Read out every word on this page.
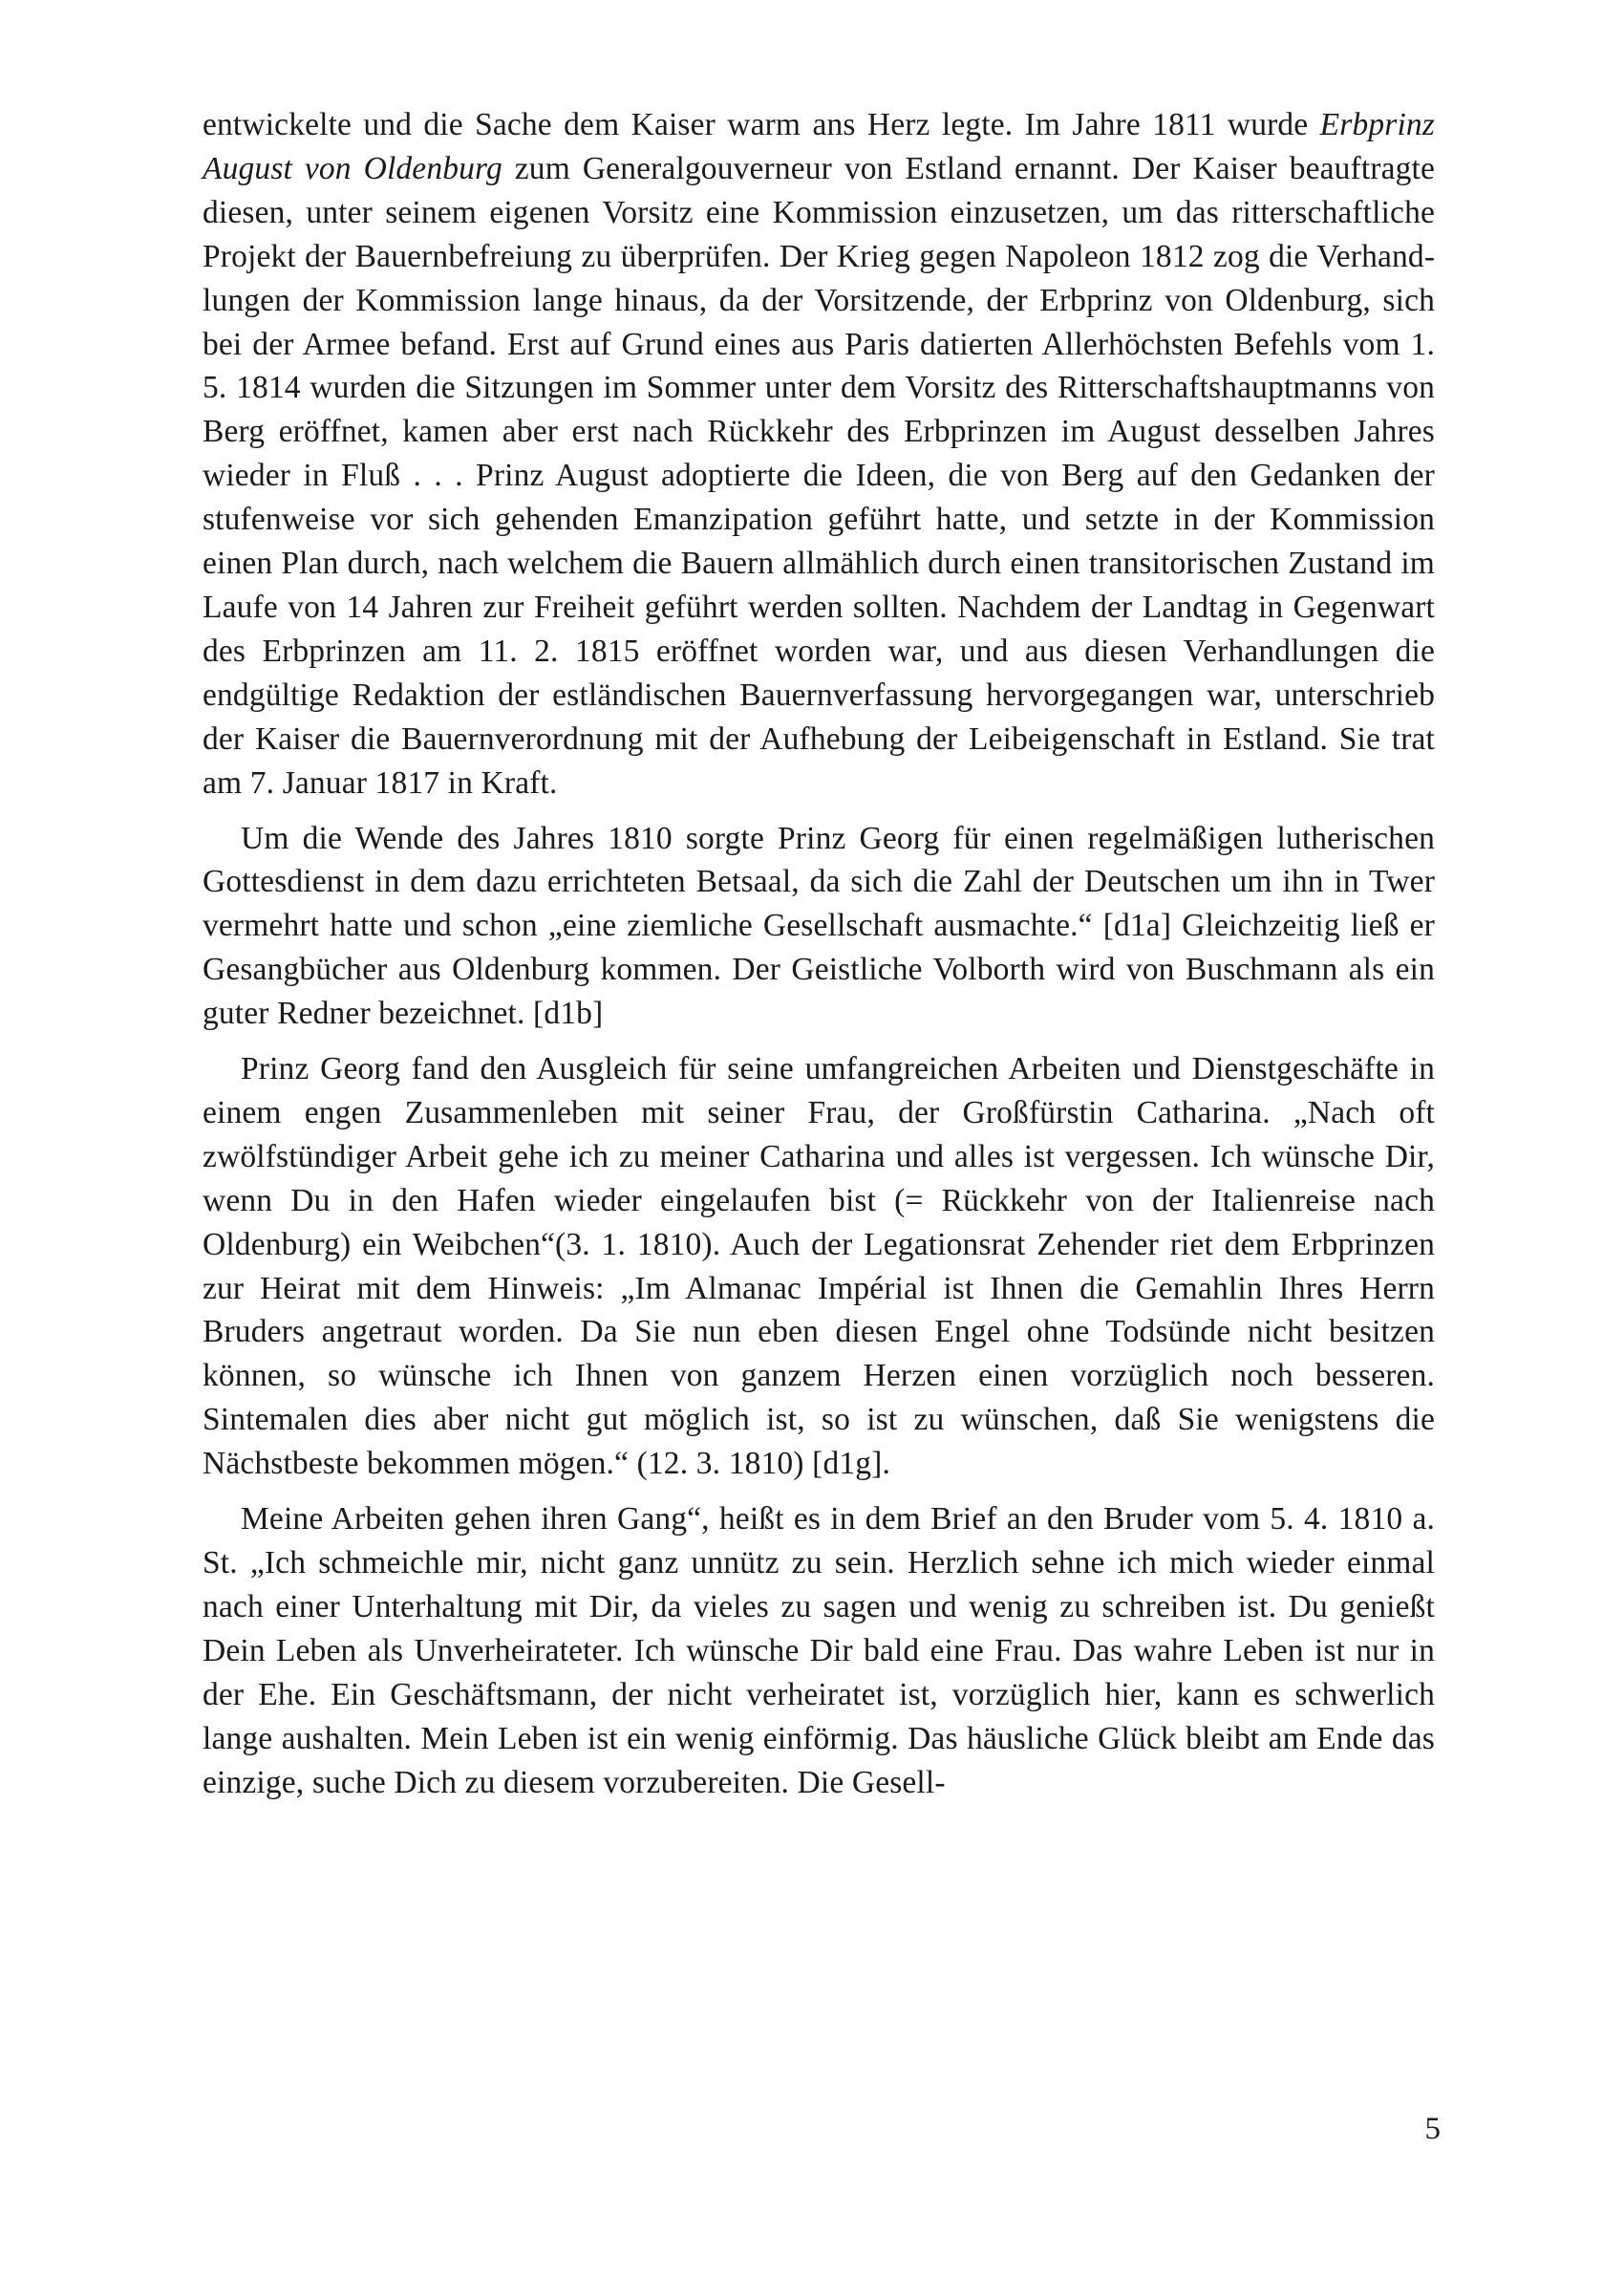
entwickelte und die Sache dem Kaiser warm ans Herz legte. Im Jahre 1811 wurde Erbprinz August von Oldenburg zum Generalgouverneur von Estland ernannt. Der Kaiser beauftragte diesen, unter seinem eigenen Vorsitz eine Kommission einzusetzen, um das ritterschaftliche Projekt der Bauernbefreiung zu überprüfen. Der Krieg gegen Napoleon 1812 zog die Verhandlungen der Kommission lange hinaus, da der Vorsitzende, der Erbprinz von Oldenburg, sich bei der Armee befand. Erst auf Grund eines aus Paris datierten Allerhöchsten Befehls vom 1. 5. 1814 wurden die Sitzungen im Sommer unter dem Vorsitz des Ritterschaftshauptmanns von Berg eröffnet, kamen aber erst nach Rückkehr des Erbprinzen im August desselben Jahres wieder in Fluß . . . Prinz August adoptierte die Ideen, die von Berg auf den Gedanken der stufenweise vor sich gehenden Emanzipation geführt hatte, und setzte in der Kommission einen Plan durch, nach welchem die Bauern allmählich durch einen transitorischen Zustand im Laufe von 14 Jahren zur Freiheit geführt werden sollten. Nachdem der Landtag in Gegenwart des Erbprinzen am 11. 2. 1815 eröffnet worden war, und aus diesen Verhandlungen die endgültige Redaktion der estländischen Bauernverfassung hervorgegangen war, unterschrieb der Kaiser die Bauernverordnung mit der Aufhebung der Leibeigenschaft in Estland. Sie trat am 7. Januar 1817 in Kraft.

Um die Wende des Jahres 1810 sorgte Prinz Georg für einen regelmäßigen lutherischen Gottesdienst in dem dazu errichteten Betsaal, da sich die Zahl der Deutschen um ihn in Twer vermehrt hatte und schon „eine ziemliche Gesellschaft ausmachte.“ [d1a] Gleichzeitig ließ er Gesangbücher aus Oldenburg kommen. Der Geistliche Volborth wird von Buschmann als ein guter Redner bezeichnet. [d1b]

Prinz Georg fand den Ausgleich für seine umfangreichen Arbeiten und Dienstgeschäfte in einem engen Zusammenleben mit seiner Frau, der Großfürstin Catharina. „Nach oft zwölfstündiger Arbeit gehe ich zu meiner Catharina und alles ist vergessen. Ich wünsche Dir, wenn Du in den Hafen wieder eingelaufen bist (= Rückkehr von der Italienreise nach Oldenburg) ein Weibchen“(3. 1. 1810). Auch der Legationsrat Zehender riet dem Erbprinzen zur Heirat mit dem Hinweis: „Im Almanac Impérial ist Ihnen die Gemahlin Ihres Herrn Bruders angetraut worden. Da Sie nun eben diesen Engel ohne Todsünde nicht besitzen können, so wünsche ich Ihnen von ganzem Herzen einen vorzüglich noch besseren. Sintemalen dies aber nicht gut möglich ist, so ist zu wünschen, daß Sie wenigstens die Nächstbeste bekommen mögen.“ (12. 3. 1810) [d1g].

Meine Arbeiten gehen ihren Gang“, heißt es in dem Brief an den Bruder vom 5. 4. 1810 a. St. „Ich schmeichle mir, nicht ganz unnütz zu sein. Herzlich sehne ich mich wieder einmal nach einer Unterhaltung mit Dir, da vieles zu sagen und wenig zu schreiben ist. Du genießt Dein Leben als Unverheirateter. Ich wünsche Dir bald eine Frau. Das wahre Leben ist nur in der Ehe. Ein Geschäftsmann, der nicht verheiratet ist, vorzüglich hier, kann es schwerlich lange aushalten. Mein Leben ist ein wenig einförmig. Das häusliche Glück bleibt am Ende das einzige, suche Dich zu diesem vorzubereiten. Die Gesell-

5
